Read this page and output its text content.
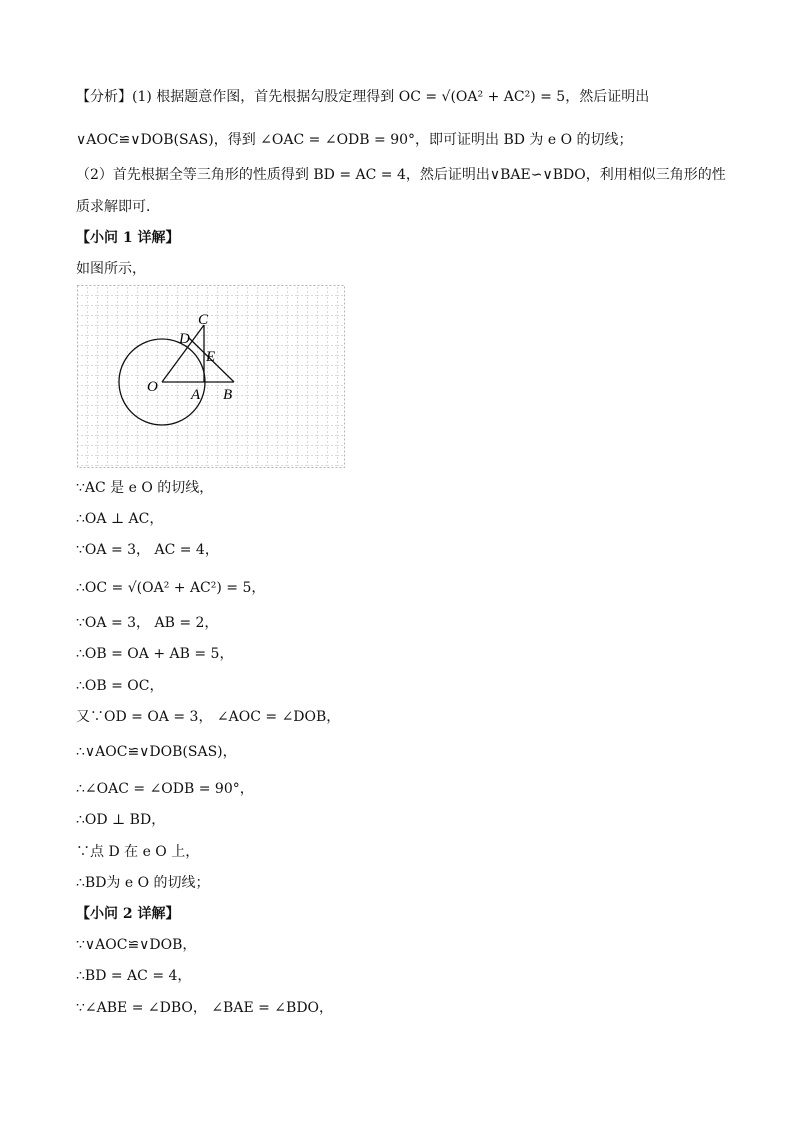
【分析】(1) 根据题意作图，首先根据勾股定理得到 OC = √(OA² + AC²) = 5，然后证明出
∨AOC≌∨DOB(SAS)，得到 ∠OAC = ∠ODB = 90°，即可证明出 BD 为 e O 的切线；
（2）首先根据全等三角形的性质得到 BD = AC = 4，然后证明出∨BAE∽∨BDO，利用相似三角形的性
质求解即可．
【小问 1 详解】
如图所示，
C
D
E
O A B
∵AC 是 e O 的切线，
∴OA ⊥ AC，
∵OA = 3， AC = 4，
∴OC = √(OA² + AC²) = 5，
∵OA = 3， AB = 2，
∴OB = OA + AB = 5，
∴OB = OC，
又∵OD = OA = 3， ∠AOC = ∠DOB，
∴∨AOC≌∨DOB(SAS)，
∴∠OAC = ∠ODB = 90°，
∴OD ⊥ BD，
∵点 D 在 e O 上，
∴BD为 e O 的切线；
【小问 2 详解】
∵∨AOC≌∨DOB，
∴BD = AC = 4，
∵∠ABE = ∠DBO， ∠BAE = ∠BDO，
